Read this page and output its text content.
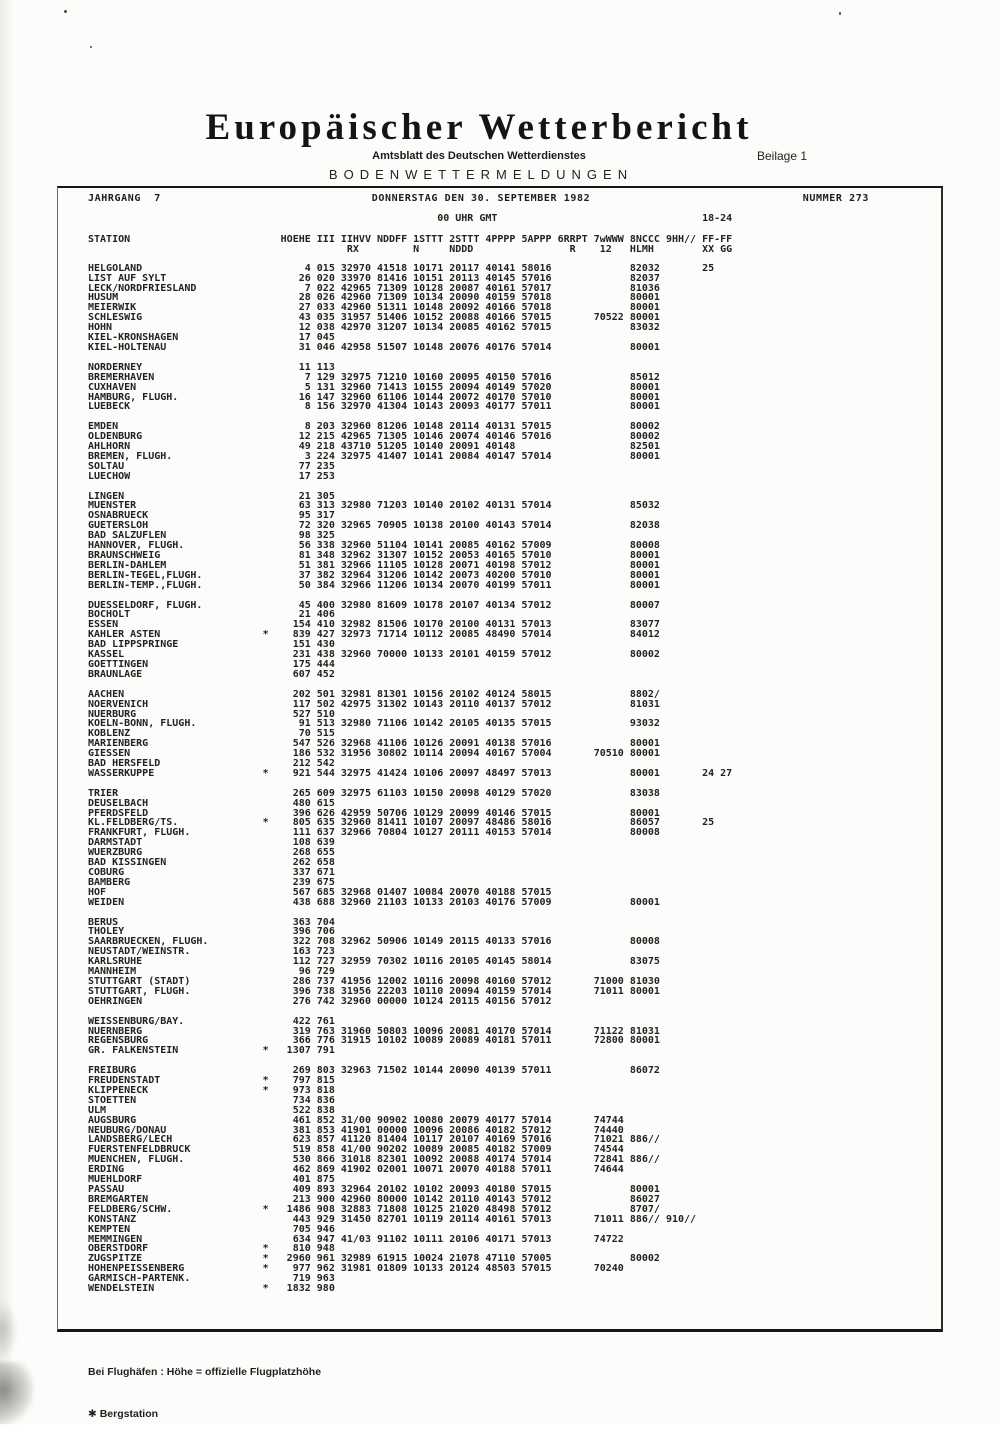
Europäischer Wetterbericht
Amtsblatt des Deutschen Wetterdienstes	Beilage 1
BODENWETTERMELDUNGEN
JAHRGANG  7	DONNERSTAG DEN 30. SEPTEMBER 1982	NUMMER 273
00 UHR GMT                                  18-24
STATION                         HOEHE III IIHVV NDDFF 1STTT 2STTT 4PPPP 5APPP 6RRPT 7wWWW 8NCCC 9HH// FF-FF
RX         N     NDDD                R    12   HLMH        XX GG
HELGOLAND                           4 015 32970 41518 10171 20117 40141 58016             82032       25
LIST AUF SYLT                      26 020 33970 81416 10151 20113 40145 57016             82037
LECK/NORDFRIESLAND                  7 022 42965 71309 10128 20087 40161 57017             81036
HUSUM                              28 026 42960 71309 10134 20090 40159 57018             80001
MEIERWIK                           27 033 42960 51311 10148 20092 40166 57018             80001
SCHLESWIG                          43 035 31957 51406 10152 20088 40166 57015       70522 80001
HOHN                               12 038 42970 31207 10134 20085 40162 57015             83032
KIEL-KRONSHAGEN                    17 045
KIEL-HOLTENAU                      31 046 42958 51507 10148 20076 40176 57014             80001

NORDERNEY                          11 113
BREMERHAVEN                         7 129 32975 71210 10160 20095 40150 57016             85012
CUXHAVEN                            5 131 32960 71413 10155 20094 40149 57020             80001
HAMBURG, FLUGH.                    16 147 32960 61106 10144 20072 40170 57010             80001
LUEBECK                             8 156 32970 41304 10143 20093 40177 57011             80001

EMDEN                               8 203 32960 81206 10148 20114 40131 57015             80002
OLDENBURG                          12 215 42965 71305 10146 20074 40146 57016             80002
AHLHORN                            49 218 43710 51205 10140 20091 40148                   82501
BREMEN, FLUGH.                      3 224 32975 41407 10141 20084 40147 57014             80001
SOLTAU                             77 235
LUECHOW                            17 253

LINGEN                             21 305
MUENSTER                           63 313 32980 71203 10140 20102 40131 57014             85032
OSNABRUECK                         95 317
GUETERSLOH                         72 320 32965 70905 10138 20100 40143 57014             82038
BAD SALZUFLEN                      98 325
HANNOVER, FLUGH.                   56 338 32960 51104 10141 20085 40162 57009             80008
BRAUNSCHWEIG                       81 348 32962 31307 10152 20053 40165 57010             80001
BERLIN-DAHLEM                      51 381 32966 11105 10128 20071 40198 57012             80001
BERLIN-TEGEL,FLUGH.                37 382 32964 31206 10142 20073 40200 57010             80001
BERLIN-TEMP.,FLUGH.                50 384 32966 11206 10134 20070 40199 57011             80001

DUESSELDORF, FLUGH.                45 400 32980 81609 10178 20107 40134 57012             80007
BOCHOLT                            21 406
ESSEN                             154 410 32982 81506 10170 20100 40131 57013             83077
KAHLER ASTEN                 *    839 427 32973 71714 10112 20085 48490 57014             84012
BAD LIPPSPRINGE                   151 430
KASSEL                            231 438 32960 70000 10133 20101 40159 57012             80002
GOETTINGEN                        175 444
BRAUNLAGE                         607 452

AACHEN                            202 501 32981 81301 10156 20102 40124 58015             8802/
NOERVENICH                        117 502 42975 31302 10143 20110 40137 57012             81031
NUERBURG                          527 510
KOELN-BONN, FLUGH.                 91 513 32980 71106 10142 20105 40135 57015             93032
KOBLENZ                            70 515
MARIENBERG                        547 526 32968 41106 10126 20091 40138 57016             80001
GIESSEN                           186 532 31956 30802 10114 20094 40167 57004       70510 80001
BAD HERSFELD                      212 542
WASSERKUPPE                  *    921 544 32975 41424 10106 20097 48497 57013             80001       24 27

TRIER                             265 609 32975 61103 10150 20098 40129 57020             83038
DEUSELBACH                        480 615
PFERDSFELD                        396 626 42959 50706 10129 20099 40146 57015             80001
KL.FELDBERG/TS.              *    805 635 32960 81411 10107 20097 48486 58016             86057       25
FRANKFURT, FLUGH.                 111 637 32966 70804 10127 20111 40153 57014             80008
DARMSTADT                         108 639
WUERZBURG                         268 655
BAD KISSINGEN                     262 658
COBURG                            337 671
BAMBERG                           239 675
HOF                               567 685 32968 01407 10084 20070 40188 57015
WEIDEN                            438 688 32960 21103 10133 20103 40176 57009             80001

BERUS                             363 704
THOLEY                            396 706
SAARBRUECKEN, FLUGH.              322 708 32962 50906 10149 20115 40133 57016             80008
NEUSTADT/WEINSTR.                 163 723
KARLSRUHE                         112 727 32959 70302 10116 20105 40145 58014             83075
MANNHEIM                           96 729
STUTTGART (STADT)                 286 737 41956 12002 10116 20098 40160 57012       71000 81030
STUTTGART, FLUGH.                 396 738 31956 22203 10110 20094 40159 57014       71011 80001
OEHRINGEN                         276 742 32960 00000 10124 20115 40156 57012

WEISSENBURG/BAY.                  422 761
NUERNBERG                         319 763 31960 50803 10096 20081 40170 57014       71122 81031
REGENSBURG                        366 776 31915 10102 10089 20089 40181 57011       72800 80001
GR. FALKENSTEIN              *   1307 791

FREIBURG                          269 803 32963 71502 10144 20090 40139 57011             86072
FREUDENSTADT                 *    797 815
KLIPPENECK                   *    973 818
STOETTEN                          734 836
ULM                               522 838
AUGSBURG                          461 852 31/00 90902 10080 20079 40177 57014       74744
NEUBURG/DONAU                     381 853 41901 00000 10096 20086 40182 57012       74440
LANDSBERG/LECH                    623 857 41120 81404 10117 20107 40169 57016       71021 886//
FUERSTENFELDBRUCK                 519 858 41/00 90202 10089 20085 40182 57009       74544
MUENCHEN, FLUGH.                  530 866 31018 82301 10092 20088 40174 57014       72841 886//
ERDING                            462 869 41902 02001 10071 20070 40188 57011       74644
MUEHLDORF                         401 875
PASSAU                            409 893 32964 20102 10102 20093 40180 57015             80001
BREMGARTEN                        213 900 42960 80000 10142 20110 40143 57012             86027
FELDBERG/SCHW.               *   1486 908 32883 71808 10125 21020 48498 57012             8707/
KONSTANZ                          443 929 31450 82701 10119 20114 40161 57013       71011 886// 910//
KEMPTEN                           705 946
MEMMINGEN                         634 947 41/03 91102 10111 20106 40171 57013       74722
OBERSTDORF                   *    810 948
ZUGSPITZE                    *   2960 961 32989 61915 10024 21078 47110 57005             80002
HOHENPEISSENBERG             *    977 962 31981 01809 10133 20124 48503 57015       70240
GARMISCH-PARTENK.                 719 963
WENDELSTEIN                  *   1832 980

Bei Flughäfen : Höhe = offizielle Flugplatzhöhe

✱ Bergstation
